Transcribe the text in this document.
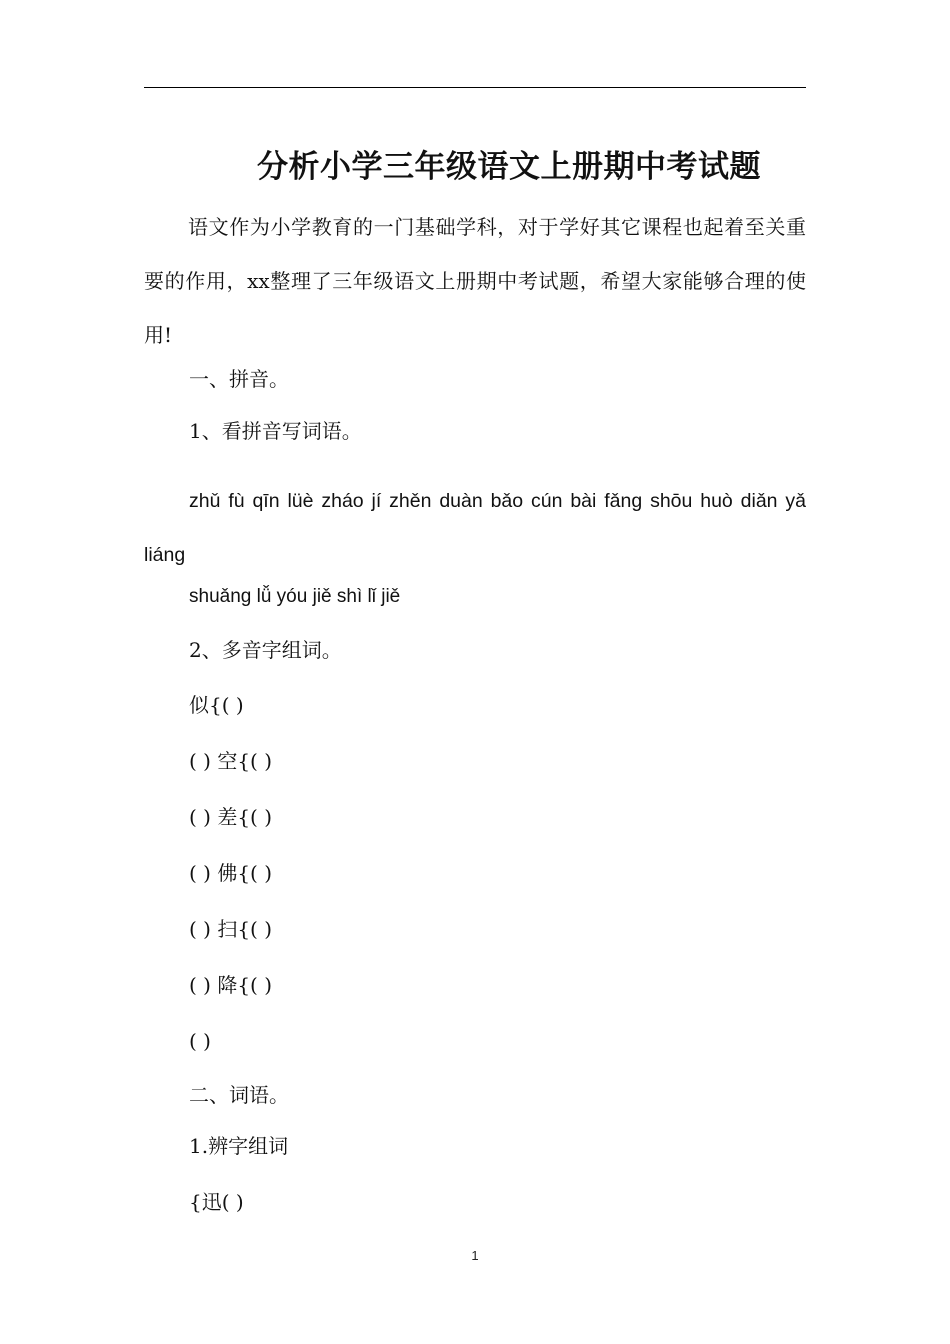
分析小学三年级语文上册期中考试题

语文作为小学教育的一门基础学科，对于学好其它课程也起着至关重要的作用，xx整理了三年级语文上册期中考试题，希望大家能够合理的使用!

一、拼音。
1、看拼音写词语。
zhǔ fù qīn lüè zháo jí zhěn duàn bǎo cún bài fǎng shōu huò diǎn yǎ liáng
shuǎng lǚ yóu jiě shì lǐ jiě
2、多音字组词。
似{( )
( ) 空{( )
( ) 差{( )
( ) 佛{( )
( ) 扫{( )
( ) 降{( )
( )
二、词语。
1.辨字组词
{迅( )
1
